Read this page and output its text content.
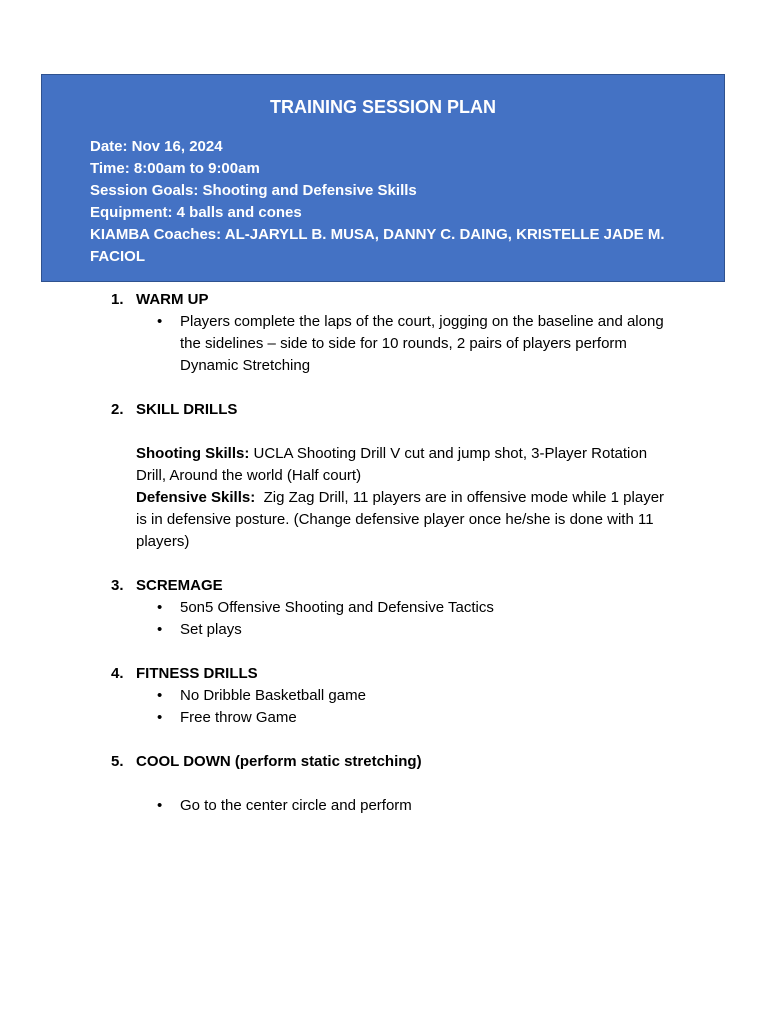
TRAINING SESSION PLAN

Date: Nov 16, 2024

Time: 8:00am to 9:00am

Session Goals: Shooting and Defensive Skills

Equipment: 4 balls and cones

KIAMBA Coaches: AL-JARYLL B. MUSA, DANNY C. DAING, KRISTELLE JADE M.

FACIOL

1. WARM UP
• Players complete the laps of the court, jogging on the baseline and along the sidelines – side to side for 10 rounds, 2 pairs of players perform Dynamic Stretching
2. SKILL DRILLS

Shooting Skills: UCLA Shooting Drill V cut and jump shot, 3-Player Rotation Drill, Around the world (Half court)

Defensive Skills:  Zig Zag Drill, 11 players are in offensive mode while 1 player is in defensive posture. (Change defensive player once he/she is done with 11 players)

3. SCREMAGE
• 5on5 Offensive Shooting and Defensive Tactics
• Set plays
4. FITNESS DRILLS
• No Dribble Basketball game
• Free throw Game
5. COOL DOWN (perform static stretching)
• Go to the center circle and perform
